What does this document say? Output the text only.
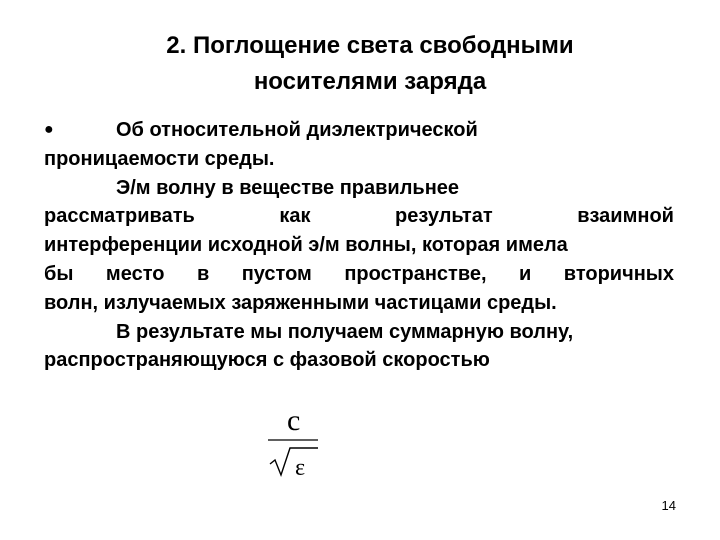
2. Поглощение света свободными
носителями заряда
●	Об относительной диэлектрической
проницаемости среды.
Э/м волну в веществе правильнее
рассматривать	как	результат	взаимной
интерференции исходной э/м волны, которая имела
бы место в пустом пространстве, и вторичных
волн, излучаемых заряженными частицами среды.
В результате мы получаем суммарную волну,
распространяющуюся с фазовой скоростью
c
ε
14
